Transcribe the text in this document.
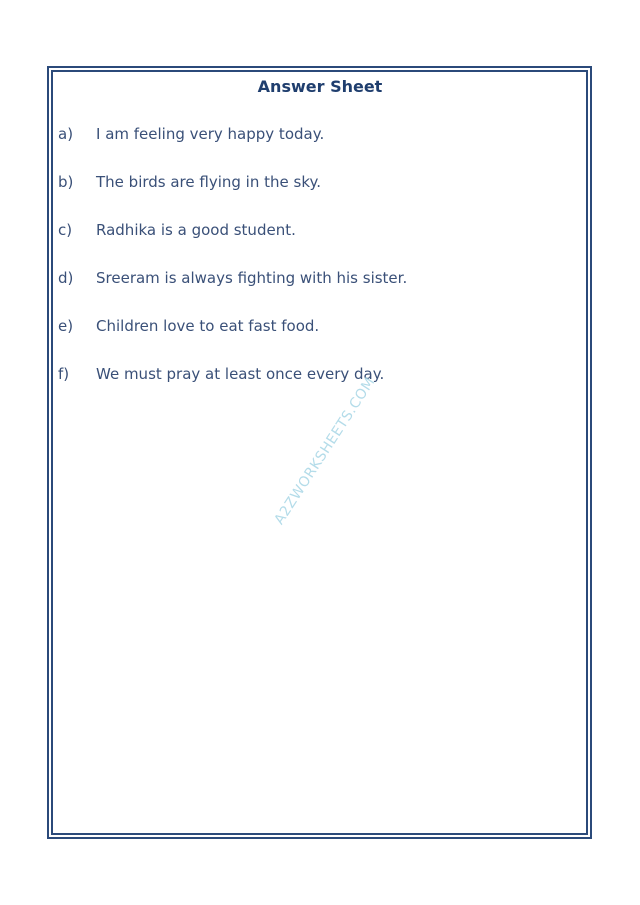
Answer Sheet
a) I am feeling very happy today.
b) The birds are flying in the sky.
c) Radhika is a good student.
d) Sreeram is always fighting with his sister.
e) Children love to eat fast food.
f) We must pray at least once every day.
A2ZWORKSHEETS.COM
